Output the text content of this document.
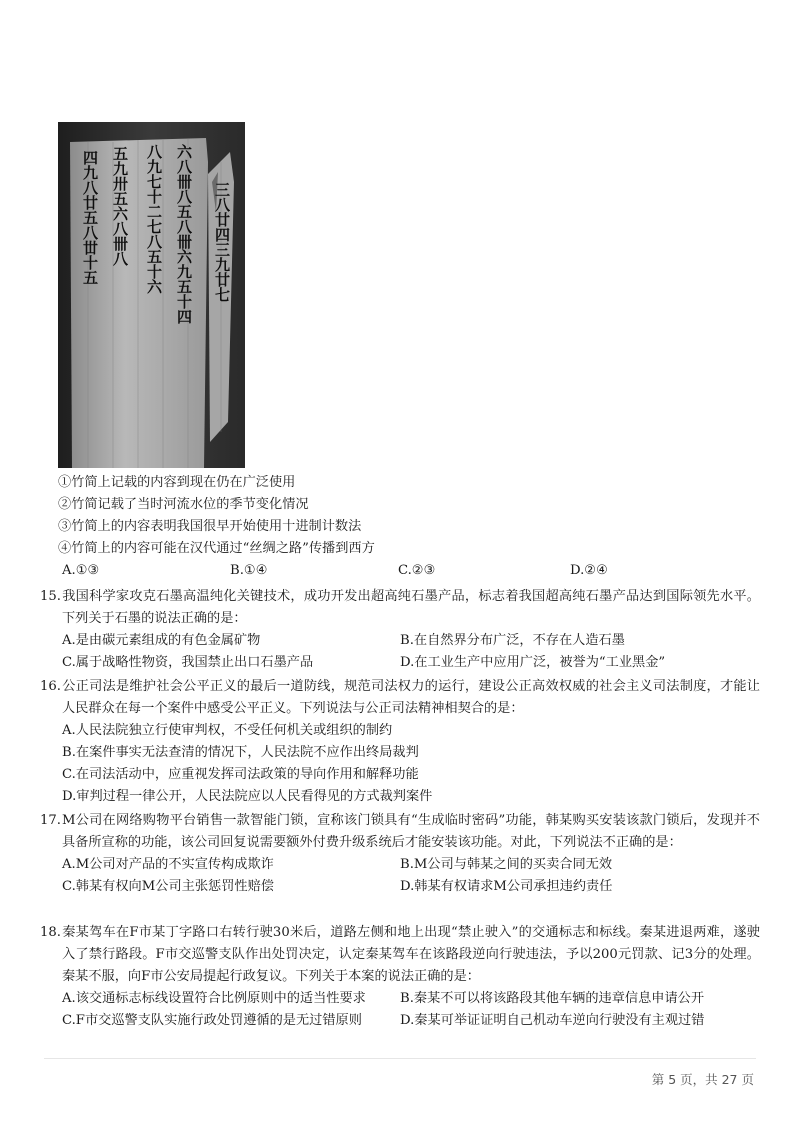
四九八廿五八丗十五 五九卅五六八卌八 八九七十二七八五十六 六八卌八五八卌六九五十四 三八廿四三九廿七
①竹简上记载的内容到现在仍在广泛使用
②竹简记载了当时河流水位的季节变化情况
③竹简上的内容表明我国很早开始使用十进制计数法
④竹简上的内容可能在汉代通过“丝绸之路”传播到西方
A.①③	B.①④	C.②③	D.②④

15.我国科学家攻克石墨高温纯化关键技术，成功开发出超高纯石墨产品，标志着我国超高纯石墨产品达到国际领先水平。下列关于石墨的说法正确的是：

A.是由碳元素组成的有色金属矿物	B.在自然界分布广泛，不存在人造石墨
C.属于战略性物资，我国禁止出口石墨产品	D.在工业生产中应用广泛，被誉为“工业黑金”

16.公正司法是维护社会公平正义的最后一道防线，规范司法权力的运行，建设公正高效权威的社会主义司法制度，才能让人民群众在每一个案件中感受公平正义。下列说法与公正司法精神相契合的是：

A.人民法院独立行使审判权，不受任何机关或组织的制约
B.在案件事实无法查清的情况下，人民法院不应作出终局裁判
C.在司法活动中，应重视发挥司法政策的导向作用和解释功能
D.审判过程一律公开，人民法院应以人民看得见的方式裁判案件

17.M公司在网络购物平台销售一款智能门锁，宣称该门锁具有“生成临时密码”功能，韩某购买安装该款门锁后，发现并不具备所宣称的功能，该公司回复说需要额外付费升级系统后才能安装该功能。对此，下列说法不正确的是：

A.M公司对产品的不实宣传构成欺诈	B.M公司与韩某之间的买卖合同无效
C.韩某有权向M公司主张惩罚性赔偿	D.韩某有权请求M公司承担违约责任

18.秦某驾车在F市某丁字路口右转行驶30米后，道路左侧和地上出现“禁止驶入”的交通标志和标线。秦某进退两难，遂驶入了禁行路段。F市交巡警支队作出处罚决定，认定秦某驾车在该路段逆向行驶违法，予以200元罚款、记3分的处理。秦某不服，向F市公安局提起行政复议。下列关于本案的说法正确的是：

A.该交通标志标线设置符合比例原则中的适当性要求	B.秦某不可以将该路段其他车辆的违章信息申请公开
C.F市交巡警支队实施行政处罚遵循的是无过错原则	D.秦某可举证证明自己机动车逆向行驶没有主观过错
第 5 页，共 27 页
